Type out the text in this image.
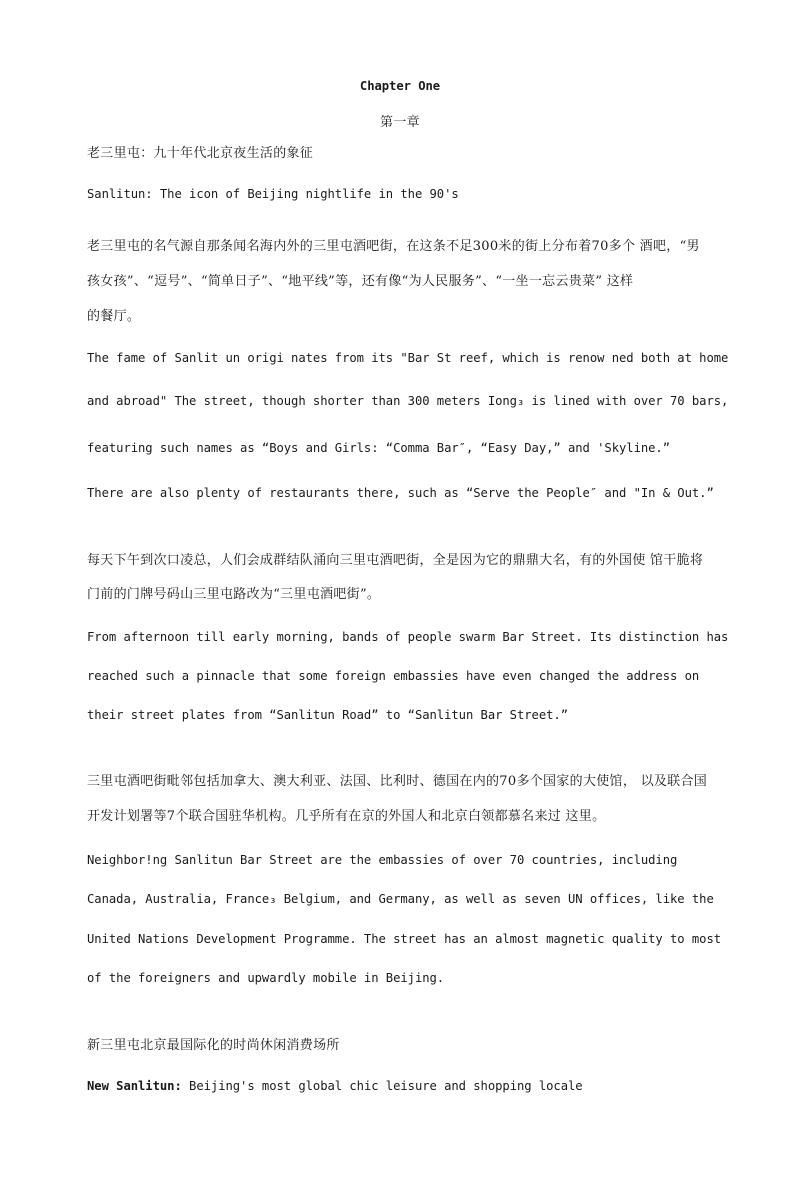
Chapter One
第一章
老三里屯：九十年代北京夜生活的象征
Sanlitun: The icon of Beijing nightlife in the 90's
老三里屯的名气源自那条闻名海内外的三里屯酒吧街，在这条不足300米的街上分布着70多个 酒吧，“男
孩女孩”、“逗号”、“简单日子”、“地平线”等，还有像“为人民服务”、“一坐一忘云贵菜” 这样
的餐厅。
The fame of Sanlit un origi nates from its "Bar St reef, which is renow ned both at home
and abroad" The street, though shorter than 300 meters Iong₃ is lined with over 70 bars,
featuring such names as “Boys and Girls: “Comma Bar″, “Easy Day,” and 'Skyline.”
There are also plenty of restaurants there, such as “Serve the People″ and "In & Out.”
每天下午到次口凌总，人们会成群结队涌向三里屯酒吧街，全是因为它的鼎鼎大名，有的外国使 馆干脆将
门前的门牌号码山三里屯路改为“三里屯酒吧街”。
From afternoon till early morning, bands of people swarm Bar Street. Its distinction has
reached such a pinnacle that some foreign embassies have even changed the address on
their street plates from “Sanlitun Road” to “Sanlitun Bar Street.”
三里屯酒吧街毗邻包括加拿大、澳大利亚、法国、比利时、德国在内的70多个国家的大使馆， 以及联合国
开发计划署等7个联合国驻华机构。几乎所有在京的外国人和北京白领都慕名来过 这里。
Neighbor!ng Sanlitun Bar Street are the embassies of over 70 countries, including
Canada, Australia, France₃ Belgium, and Germany, as well as seven UN offices, like the
United Nations Development Programme. The street has an almost magnetic quality to most
of the foreigners and upwardly mobile in Beijing.
新三里屯北京最国际化的时尚休闲消费场所
New Sanlitun: Beijing's most global chic leisure and shopping locale
